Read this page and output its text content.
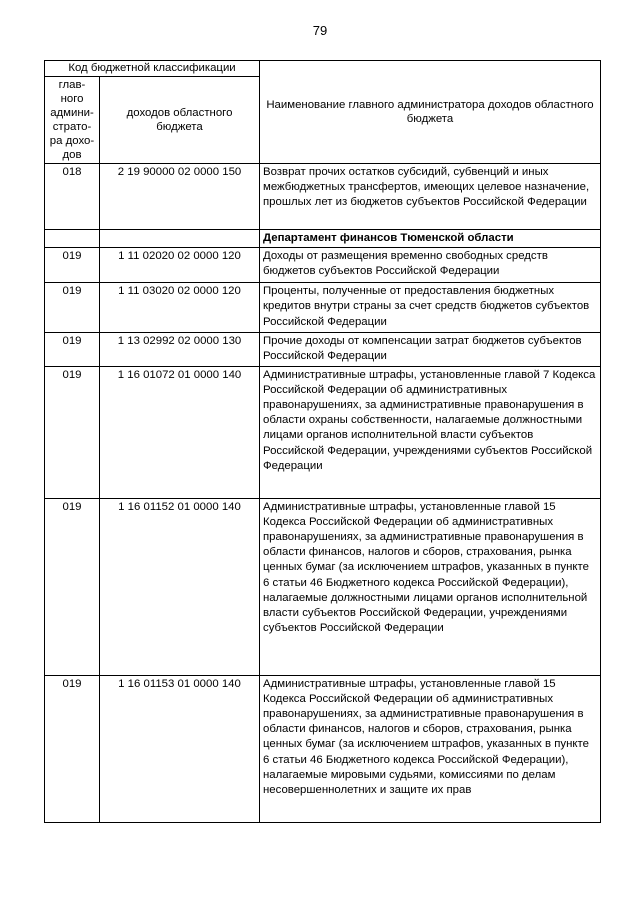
79
Код бюджетной классификации		Наименование главного администратора доходов областного бюджета
глав-ного админи-страто-ра дохо-дов	доходов областного бюджета	
018	2 19 90000 02 0000 150	Возврат прочих остатков субсидий, субвенций и иных межбюджетных трансфертов, имеющих целевое назначение, прошлых лет из бюджетов субъектов Российской Федерации
		Департамент финансов Тюменской области
019	1 11 02020 02 0000 120	Доходы от размещения временно свободных средств бюджетов субъектов Российской Федерации
019	1 11 03020 02 0000 120	Проценты, полученные от предоставления бюджетных кредитов внутри страны за счет средств бюджетов субъектов Российской Федерации
019	1 13 02992 02 0000 130	Прочие доходы от компенсации затрат бюджетов субъектов Российской Федерации
019	1 16 01072 01 0000 140	Административные штрафы, установленные главой 7 Кодекса Российской Федерации об административных правонарушениях, за административные правонарушения в области охраны собственности, налагаемые должностными лицами органов исполнительной власти субъектов Российской Федерации, учреждениями субъектов Российской Федерации
019	1 16 01152 01 0000 140	Административные штрафы, установленные главой 15 Кодекса Российской Федерации об административных правонарушениях, за административные правонарушения в области финансов, налогов и сборов, страхования, рынка ценных бумаг (за исключением штрафов, указанных в пункте 6 статьи 46 Бюджетного кодекса Российской Федерации), налагаемые должностными лицами органов исполнительной власти субъектов Российской Федерации, учреждениями субъектов Российской Федерации
019	1 16 01153 01 0000 140	Административные штрафы, установленные главой 15 Кодекса Российской Федерации об административных правонарушениях, за административные правонарушения в области финансов, налогов и сборов, страхования, рынка ценных бумаг (за исключением штрафов, указанных в пункте 6 статьи 46 Бюджетного кодекса Российской Федерации), налагаемые мировыми судьями, комиссиями по делам несовершеннолетних и защите их прав
